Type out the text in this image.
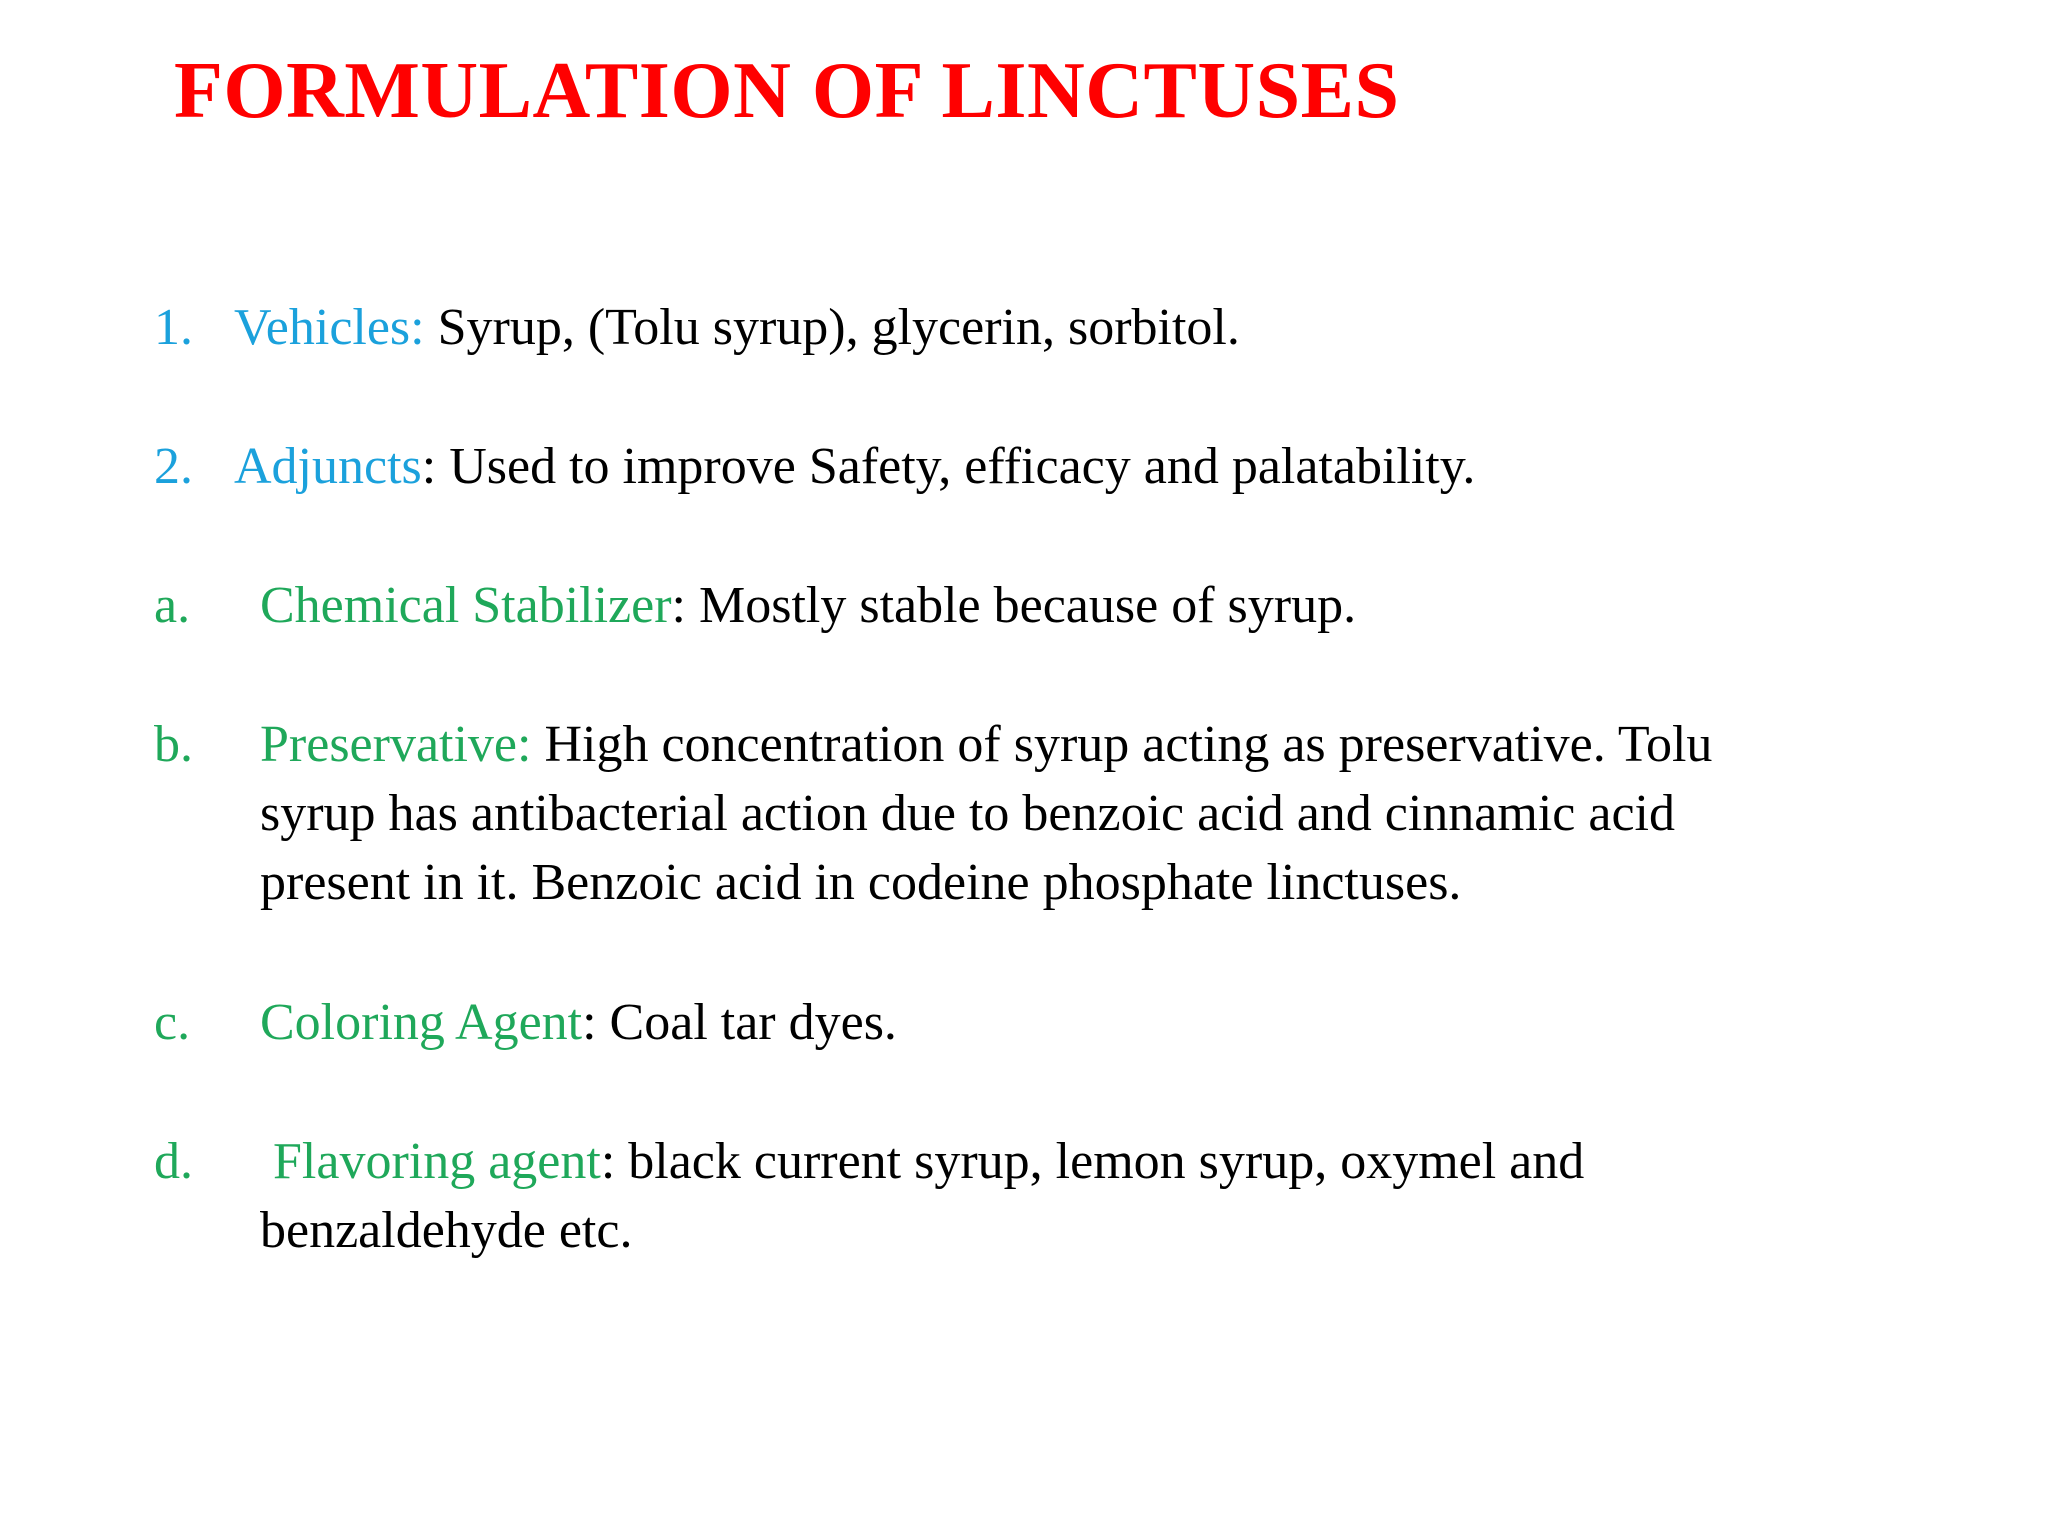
FORMULATION OF LINCTUSES
1. Vehicles: Syrup, (Tolu syrup), glycerin, sorbitol.
2. Adjuncts: Used to improve Safety, efficacy and palatability.
a. Chemical Stabilizer: Mostly stable because of syrup.
b. Preservative: High concentration of syrup acting as preservative. Tolu
syrup has antibacterial action due to benzoic acid and cinnamic acid
present in it. Benzoic acid in codeine phosphate linctuses.
c. Coloring Agent: Coal tar dyes.
d. Flavoring agent: black current syrup, lemon syrup, oxymel and
benzaldehyde etc.
